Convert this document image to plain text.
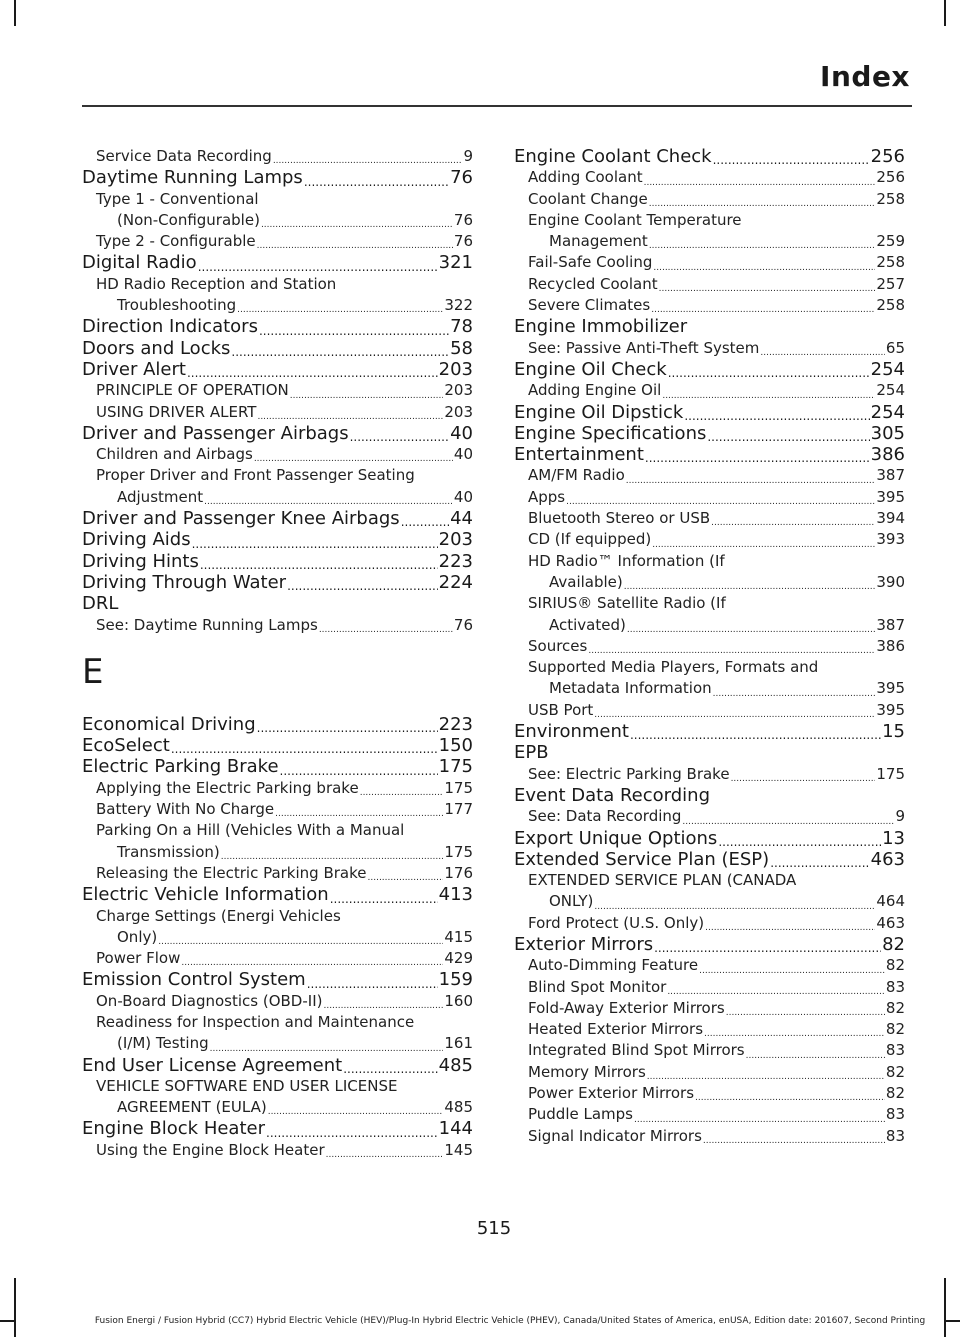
Index
Service Data Recording .....	9
Daytime Running Lamps .....	76
Type 1 - Conventional
(Non-Configurable) .....	76
Type 2 - Configurable .....	76
Digital Radio .....	321
HD Radio Reception and Station
Troubleshooting .....	322
Direction Indicators .....	78
Doors and Locks .....	58
Driver Alert .....	203
PRINCIPLE OF OPERATION .....	203
USING DRIVER ALERT .....	203
Driver and Passenger Airbags .....	40
Children and Airbags .....	40
Proper Driver and Front Passenger Seating
Adjustment .....	40
Driver and Passenger Knee Airbags .....	44
Driving Aids .....	203
Driving Hints .....	223
Driving Through Water .....	224
DRL
See: Daytime Running Lamps .....	76
E
Economical Driving .....	223
EcoSelect .....	150
Electric Parking Brake .....	175
Applying the Electric Parking brake .....	175
Battery With No Charge .....	177
Parking On a Hill (Vehicles With a Manual
Transmission) .....	175
Releasing the Electric Parking Brake .....	176
Electric Vehicle Information .....	413
Charge Settings (Energi Vehicles
Only) .....	415
Power Flow .....	429
Emission Control System .....	159
On-Board Diagnostics (OBD-II) .....	160
Readiness for Inspection and Maintenance
(I/M) Testing .....	161
End User License Agreement .....	485
VEHICLE SOFTWARE END USER LICENSE
AGREEMENT (EULA) .....	485
Engine Block Heater .....	144
Using the Engine Block Heater .....	145
Engine Coolant Check .....	256
Adding Coolant .....	256
Coolant Change .....	258
Engine Coolant Temperature
Management .....	259
Fail-Safe Cooling .....	258
Recycled Coolant .....	257
Severe Climates .....	258
Engine Immobilizer
See: Passive Anti-Theft System .....	65
Engine Oil Check .....	254
Adding Engine Oil .....	254
Engine Oil Dipstick .....	254
Engine Specifications .....	305
Entertainment .....	386
AM/FM Radio .....	387
Apps .....	395
Bluetooth Stereo or USB .....	394
CD (If equipped) .....	393
HD Radio™ Information (If
Available) .....	390
SIRIUS® Satellite Radio (If
Activated) .....	387
Sources .....	386
Supported Media Players, Formats and
Metadata Information .....	395
USB Port .....	395
Environment .....	15
EPB
See: Electric Parking Brake .....	175
Event Data Recording
See: Data Recording .....	9
Export Unique Options .....	13
Extended Service Plan (ESP) .....	463
EXTENDED SERVICE PLAN (CANADA
ONLY) .....	464
Ford Protect (U.S. Only) .....	463
Exterior Mirrors .....	82
Auto-Dimming Feature .....	82
Blind Spot Monitor .....	83
Fold-Away Exterior Mirrors .....	82
Heated Exterior Mirrors .....	82
Integrated Blind Spot Mirrors .....	83
Memory Mirrors .....	82
Power Exterior Mirrors .....	82
Puddle Lamps .....	83
Signal Indicator Mirrors .....	83
515
Fusion Energi / Fusion Hybrid (CC7) Hybrid Electric Vehicle (HEV)/Plug-In Hybrid Electric Vehicle (PHEV), Canada/United States of America, enUSA, Edition date: 201607, Second Printing
